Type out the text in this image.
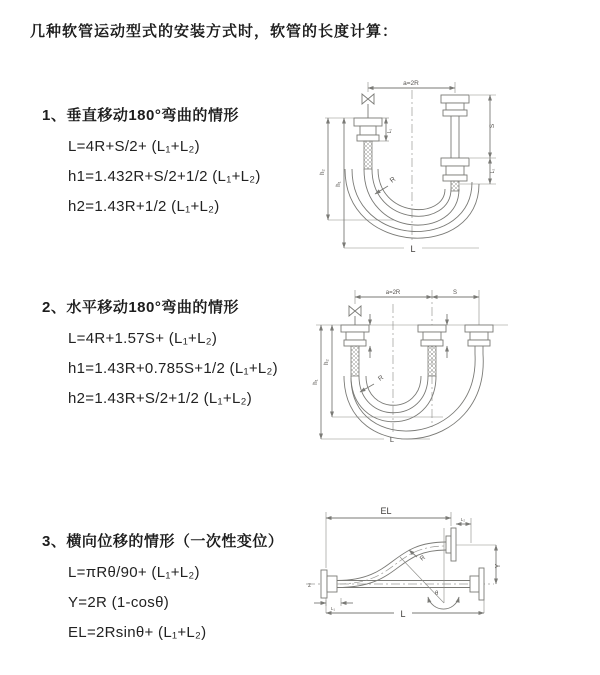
几种软管运动型式的安装方式时，软管的长度计算：
1、垂直移动180°弯曲的情形
L=4R+S/2+ (L₁+L₂)
h1=1.432R+S/2+1/2 (L₁+L₂)
h2=1.43R+1/2 (L₁+L₂)
2、水平移动180°弯曲的情形
L=4R+1.57S+ (L₁+L₂)
h1=1.43R+0.785S+1/2 (L₁+L₂)
h2=1.43R+S/2+1/2 (L₁+L₂)
3、横向位移的情形（一次性变位）
L=πRθ/90+ (L₁+L₂)
Y=2R (1-cosθ)
EL=2Rsinθ+ (L₁+L₂)
a=2R
L₁
h₂
h₁
S
L₂
R
L
a=2R	S
h₁
h₂
R
L
z
EL
L₂
Y
R
θ
L
L₁
